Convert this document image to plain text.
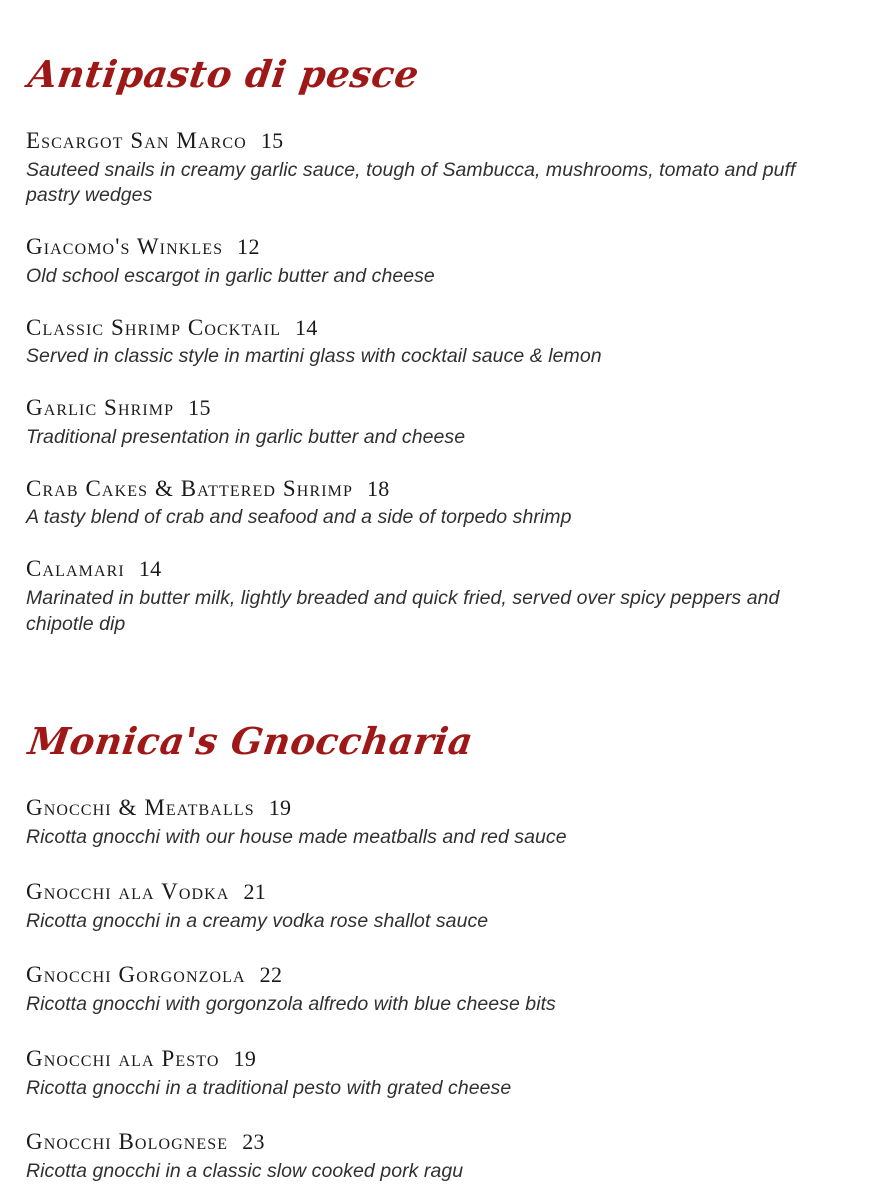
Antipasto di pesce
Escargot San Marco 15
Sauteed snails in creamy garlic sauce, tough of Sambucca, mushrooms, tomato and puff pastry wedges
Giacomo's Winkles 12
Old school escargot in garlic butter and cheese
Classic Shrimp Cocktail 14
Served in classic style in martini glass with cocktail sauce & lemon
Garlic Shrimp 15
Traditional presentation in garlic butter and cheese
Crab Cakes & Battered Shrimp 18
A tasty blend of crab and seafood and a side of torpedo shrimp
Calamari 14
Marinated in butter milk, lightly breaded and quick fried, served over spicy peppers and chipotle dip
Monica's Gnoccharia
Gnocchi & Meatballs 19
Ricotta gnocchi with our house made meatballs and red sauce
Gnocchi ala Vodka 21
Ricotta gnocchi in a creamy vodka rose shallot sauce
Gnocchi Gorgonzola 22
Ricotta gnocchi with gorgonzola alfredo with blue cheese bits
Gnocchi ala Pesto 19
Ricotta gnocchi in a traditional pesto with grated cheese
Gnocchi Bolognese 23
Ricotta gnocchi in a classic slow cooked pork ragu
